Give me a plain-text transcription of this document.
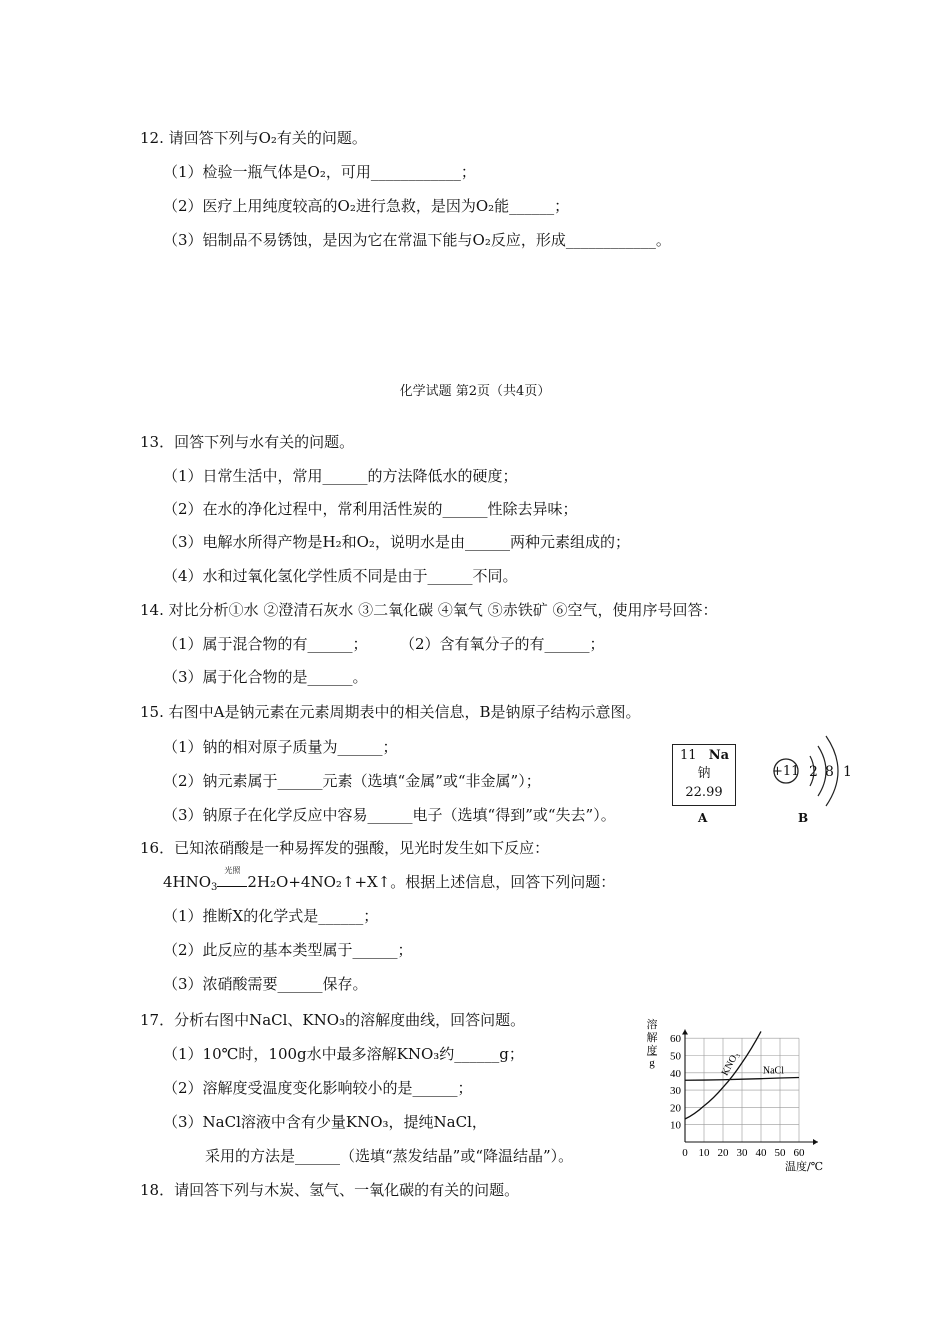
12. 请回答下列与O₂有关的问题。
（1）检验一瓶气体是O₂，可用____________；
（2）医疗上用纯度较高的O₂进行急救，是因为O₂能______；
（3）铝制品不易锈蚀，是因为它在常温下能与O₂反应，形成____________。
化学试题 第2页（共4页）
13．回答下列与水有关的问题。
（1）日常生活中，常用______的方法降低水的硬度；
（2）在水的净化过程中，常利用活性炭的______性除去异味；
（3）电解水所得产物是H₂和O₂，说明水是由______两种元素组成的；
（4）水和过氧化氢化学性质不同是由于______不同。
14. 对比分析①水 ②澄清石灰水 ③二氧化碳 ④氧气 ⑤赤铁矿 ⑥空气，使用序号回答：
（1）属于混合物的有______； （2）含有氧分子的有______；
（3）属于化合物的是______。
15. 右图中A是钠元素在元素周期表中的相关信息，B是钠原子结构示意图。
（1）钠的相对原子质量为______；
（2）钠元素属于______元素（选填“金属”或“非金属”）；
（3）钠原子在化学反应中容易______电子（选填“得到”或“失去”）。
11 Na
钠
22.99
A
+11 2 8 1
B
16．已知浓硝酸是一种易挥发的强酸，见光时发生如下反应：
$4HNO_3$
光照
2H₂O+4NO₂↑+X↑。根据上述信息，回答下列问题：
（1）推断X的化学式是______；
（2）此反应的基本类型属于______；
（3）浓硝酸需要______保存。
17．分析右图中NaCl、KNO₃的溶解度曲线，回答问题。
（1）10℃时，100g水中最多溶解KNO₃约______g；
（2）溶解度受温度变化影响较小的是______；
（3）NaCl溶液中含有少量KNO₃，提纯NaCl，
采用的方法是______（选填“蒸发结晶”或“降温结晶”）。	0 10 20 30 40 50 60
10
20
30
40
50
60
溶
解
度
g
温度/℃
KNO₃ NaCl
18．请回答下列与木炭、氢气、一氧化碳的有关的问题。
